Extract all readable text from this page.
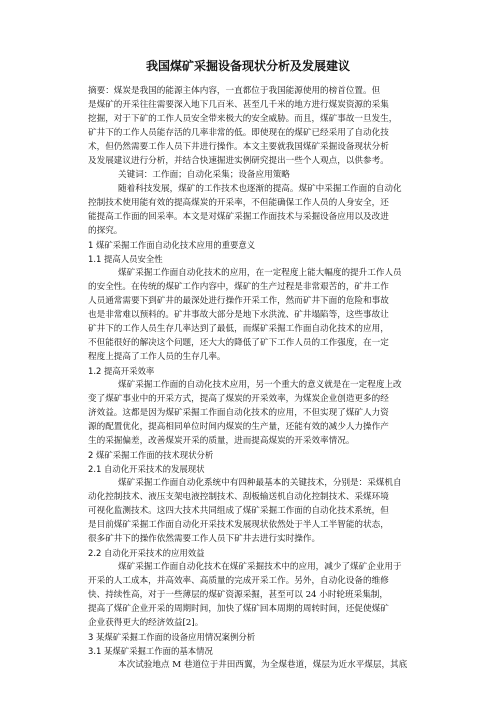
我国煤矿采掘设备现状分析及发展建议
摘要：煤炭是我国的能源主体内容，一直都位于我国能源使用的榜首位置。但
是煤矿的开采往往需要深入地下几百米、甚至几千米的地方进行煤炭资源的采集
挖掘，对于下矿的工作人员安全带来极大的安全威胁。而且，煤矿事故一旦发生，
矿井下的工作人员能存活的几率非常的低。即使现在的煤矿已经采用了自动化技
术，但仍然需要工作人员下井进行操作。本文主要就我国煤矿采掘设备现状分析
及发展建议进行分析，并结合快速掘进实例研究提出一些个人观点，以供参考。
关键词：工作面；自动化采集；设备应用策略
随着科技发展，煤矿的工作技术也逐渐的提高。煤矿中采掘工作面的自动化
控制技术使用能有效的提高煤炭的开采率，不但能确保工作人员的人身安全，还
能提高工作面的回采率。本文是对煤矿采掘工作面技术与采掘设备应用以及改进
的探究。
1 煤矿采掘工作面自动化技术应用的重要意义
1.1 提高人员安全性
煤矿采掘工作面自动化技术的应用，在一定程度上能大幅度的提升工作人员
的安全性。在传统的煤矿工作内容中，煤矿的生产过程是非常艰苦的，矿井工作
人员通常需要下到矿井的最深处进行操作开采工作，然而矿井下面的危险和事故
也是非常难以预料的。矿井事故大部分是地下水洪流、矿井塌陷等，这些事故让
矿井下的工作人员生存几率达到了最低，而煤矿采掘工作面自动化技术的应用，
不但能很好的解决这个问题，还大大的降低了矿下工作人员的工作强度，在一定
程度上提高了工作人员的生存几率。
1.2 提高开采效率
煤矿采掘工作面的自动化技术应用，另一个重大的意义就是在一定程度上改
变了煤矿事业中的开采方式，提高了煤炭的开采效率，为煤炭企业创造更多的经
济效益。这都是因为煤矿采掘工作面自动化技术的应用，不但实现了煤矿人力资
源的配置优化，提高相同单位时间内煤炭的生产量，还能有效的减少人力操作产
生的采掘偏差，改善煤炭开采的质量，进而提高煤炭的开采效率情况。
2 煤矿采掘工作面的技术现状分析
2.1 自动化开采技术的发展现状
煤矿采掘工作面自动化系统中有四种最基本的关键技术，分别是：采煤机自
动化控制技术、液压支架电液控制技术、刮板输送机自动化控制技术、采煤环境
可视化监测技术。这四大技术共同组成了煤矿采掘工作面的自动化技术系统，但
是目前煤矿采掘工作面自动化开采技术发展现状依然处于半人工半智能的状态，
很多矿井下的操作依然需要工作人员下矿井去进行实时操作。
2.2 自动化开采技术的应用效益
煤矿采掘工作面自动化技术在煤矿采掘技术中的应用，减少了煤矿企业用于
开采的人工成本，并高效率、高质量的完成开采工作。另外，自动化设备的维修
快、持续性高，对于一些薄层的煤矿资源采掘，甚至可以 24 小时轮班采集制，
提高了煤矿企业开采的周期时间，加快了煤矿回本周期的周转时间，还促使煤矿
企业获得更大的经济效益[2]。
3 某煤矿采掘工作面的设备应用情况案例分析
3.1 某煤矿采掘工作面的基本情况
本次试验地点 M 巷道位于井田西翼，为全煤巷道，煤层为近水平煤层，其底
